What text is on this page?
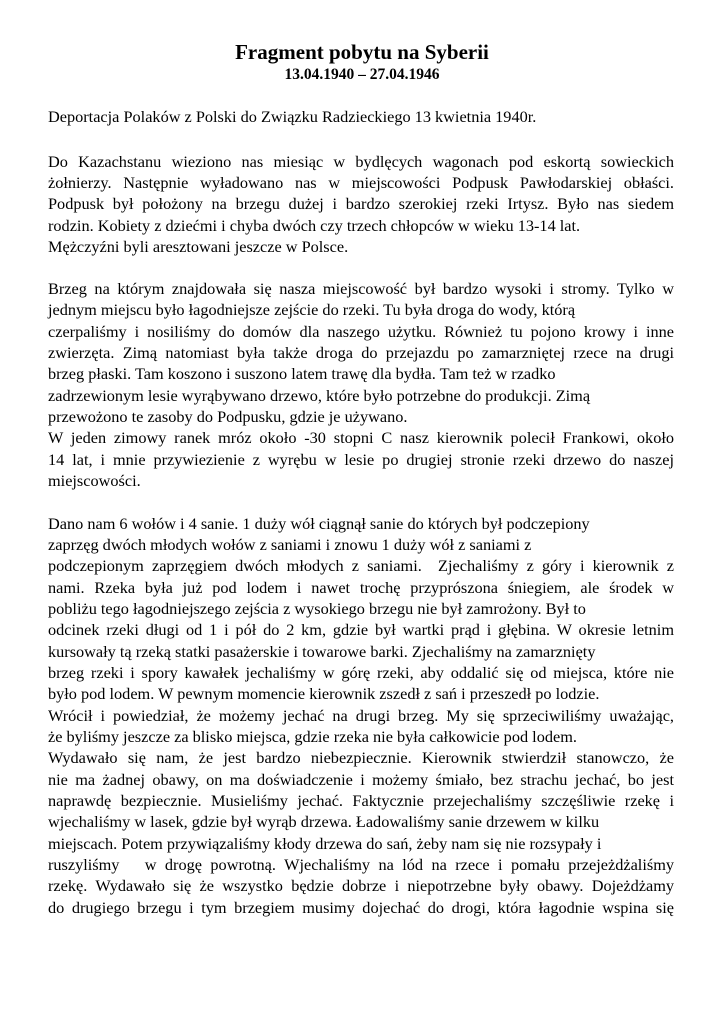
Fragment pobytu na Syberii
13.04.1940 – 27.04.1946
Deportacja Polaków z Polski do Związku Radzieckiego 13 kwietnia 1940r.
Do Kazachstanu wieziono nas miesiąc w bydlęcych wagonach pod eskortą sowieckich
żołnierzy. Następnie wyładowano nas w miejscowości Podpusk Pawłodarskiej obłaści.
Podpusk był położony na brzegu dużej i bardzo szerokiej rzeki Irtysz. Było nas siedem
rodzin. Kobiety z dziećmi i chyba dwóch czy trzech chłopców w wieku 13-14 lat.
Mężczyźni byli aresztowani jeszcze w Polsce.
Brzeg na którym znajdowała się nasza miejscowość był bardzo wysoki i stromy. Tylko w
jednym miejscu było łagodniejsze zejście do rzeki. Tu była droga do wody, którą
czerpaliśmy i nosiliśmy do domów dla naszego użytku. Również tu pojono krowy i inne
zwierzęta. Zimą natomiast była także droga do przejazdu po zamarzniętej rzece na drugi
brzeg płaski. Tam koszono i suszono latem trawę dla bydła. Tam też w rzadko
zadrzewionym lesie wyrąbywano drzewo, które było potrzebne do produkcji. Zimą
przewożono te zasoby do Podpusku, gdzie je używano.
W jeden zimowy ranek mróz około -30 stopni C nasz kierownik polecił Frankowi, około
14 lat, i mnie przywiezienie z wyrębu w lesie po drugiej stronie rzeki drzewo do naszej
miejscowości.
Dano nam 6 wołów i 4 sanie. 1 duży wół ciągnął sanie do których był podczepiony
zaprzęg dwóch młodych wołów z saniami i znowu 1 duży wół z saniami z
podczepionym zaprzęgiem dwóch młodych z saniami.  Zjechaliśmy z góry i kierownik z
nami. Rzeka była już pod lodem i nawet trochę przyprószona śniegiem, ale środek w
pobliżu tego łagodniejszego zejścia z wysokiego brzegu nie był zamrożony. Był to
odcinek rzeki długi od 1 i pół do 2 km, gdzie był wartki prąd i głębina. W okresie letnim
kursowały tą rzeką statki pasażerskie i towarowe barki. Zjechaliśmy na zamarznięty
brzeg rzeki i spory kawałek jechaliśmy w górę rzeki, aby oddalić się od miejsca, które nie
było pod lodem. W pewnym momencie kierownik zszedł z sań i przeszedł po lodzie.
Wrócił i powiedział, że możemy jechać na drugi brzeg. My się sprzeciwiliśmy uważając,
że byliśmy jeszcze za blisko miejsca, gdzie rzeka nie była całkowicie pod lodem.
Wydawało się nam, że jest bardzo niebezpiecznie. Kierownik stwierdził stanowczo, że
nie ma żadnej obawy, on ma doświadczenie i możemy śmiało, bez strachu jechać, bo jest
naprawdę bezpiecznie. Musieliśmy jechać. Faktycznie przejechaliśmy szczęśliwie rzekę i
wjechaliśmy w lasek, gdzie był wyrąb drzewa. Ładowaliśmy sanie drzewem w kilku
miejscach. Potem przywiązaliśmy kłody drzewa do sań, żeby nam się nie rozsypały i
ruszyliśmy   w drogę powrotną. Wjechaliśmy na lód na rzece i pomału przejeżdżaliśmy
rzekę. Wydawało się że wszystko będzie dobrze i niepotrzebne były obawy. Dojeżdżamy
do drugiego brzegu i tym brzegiem musimy dojechać do drogi, która łagodnie wspina się
